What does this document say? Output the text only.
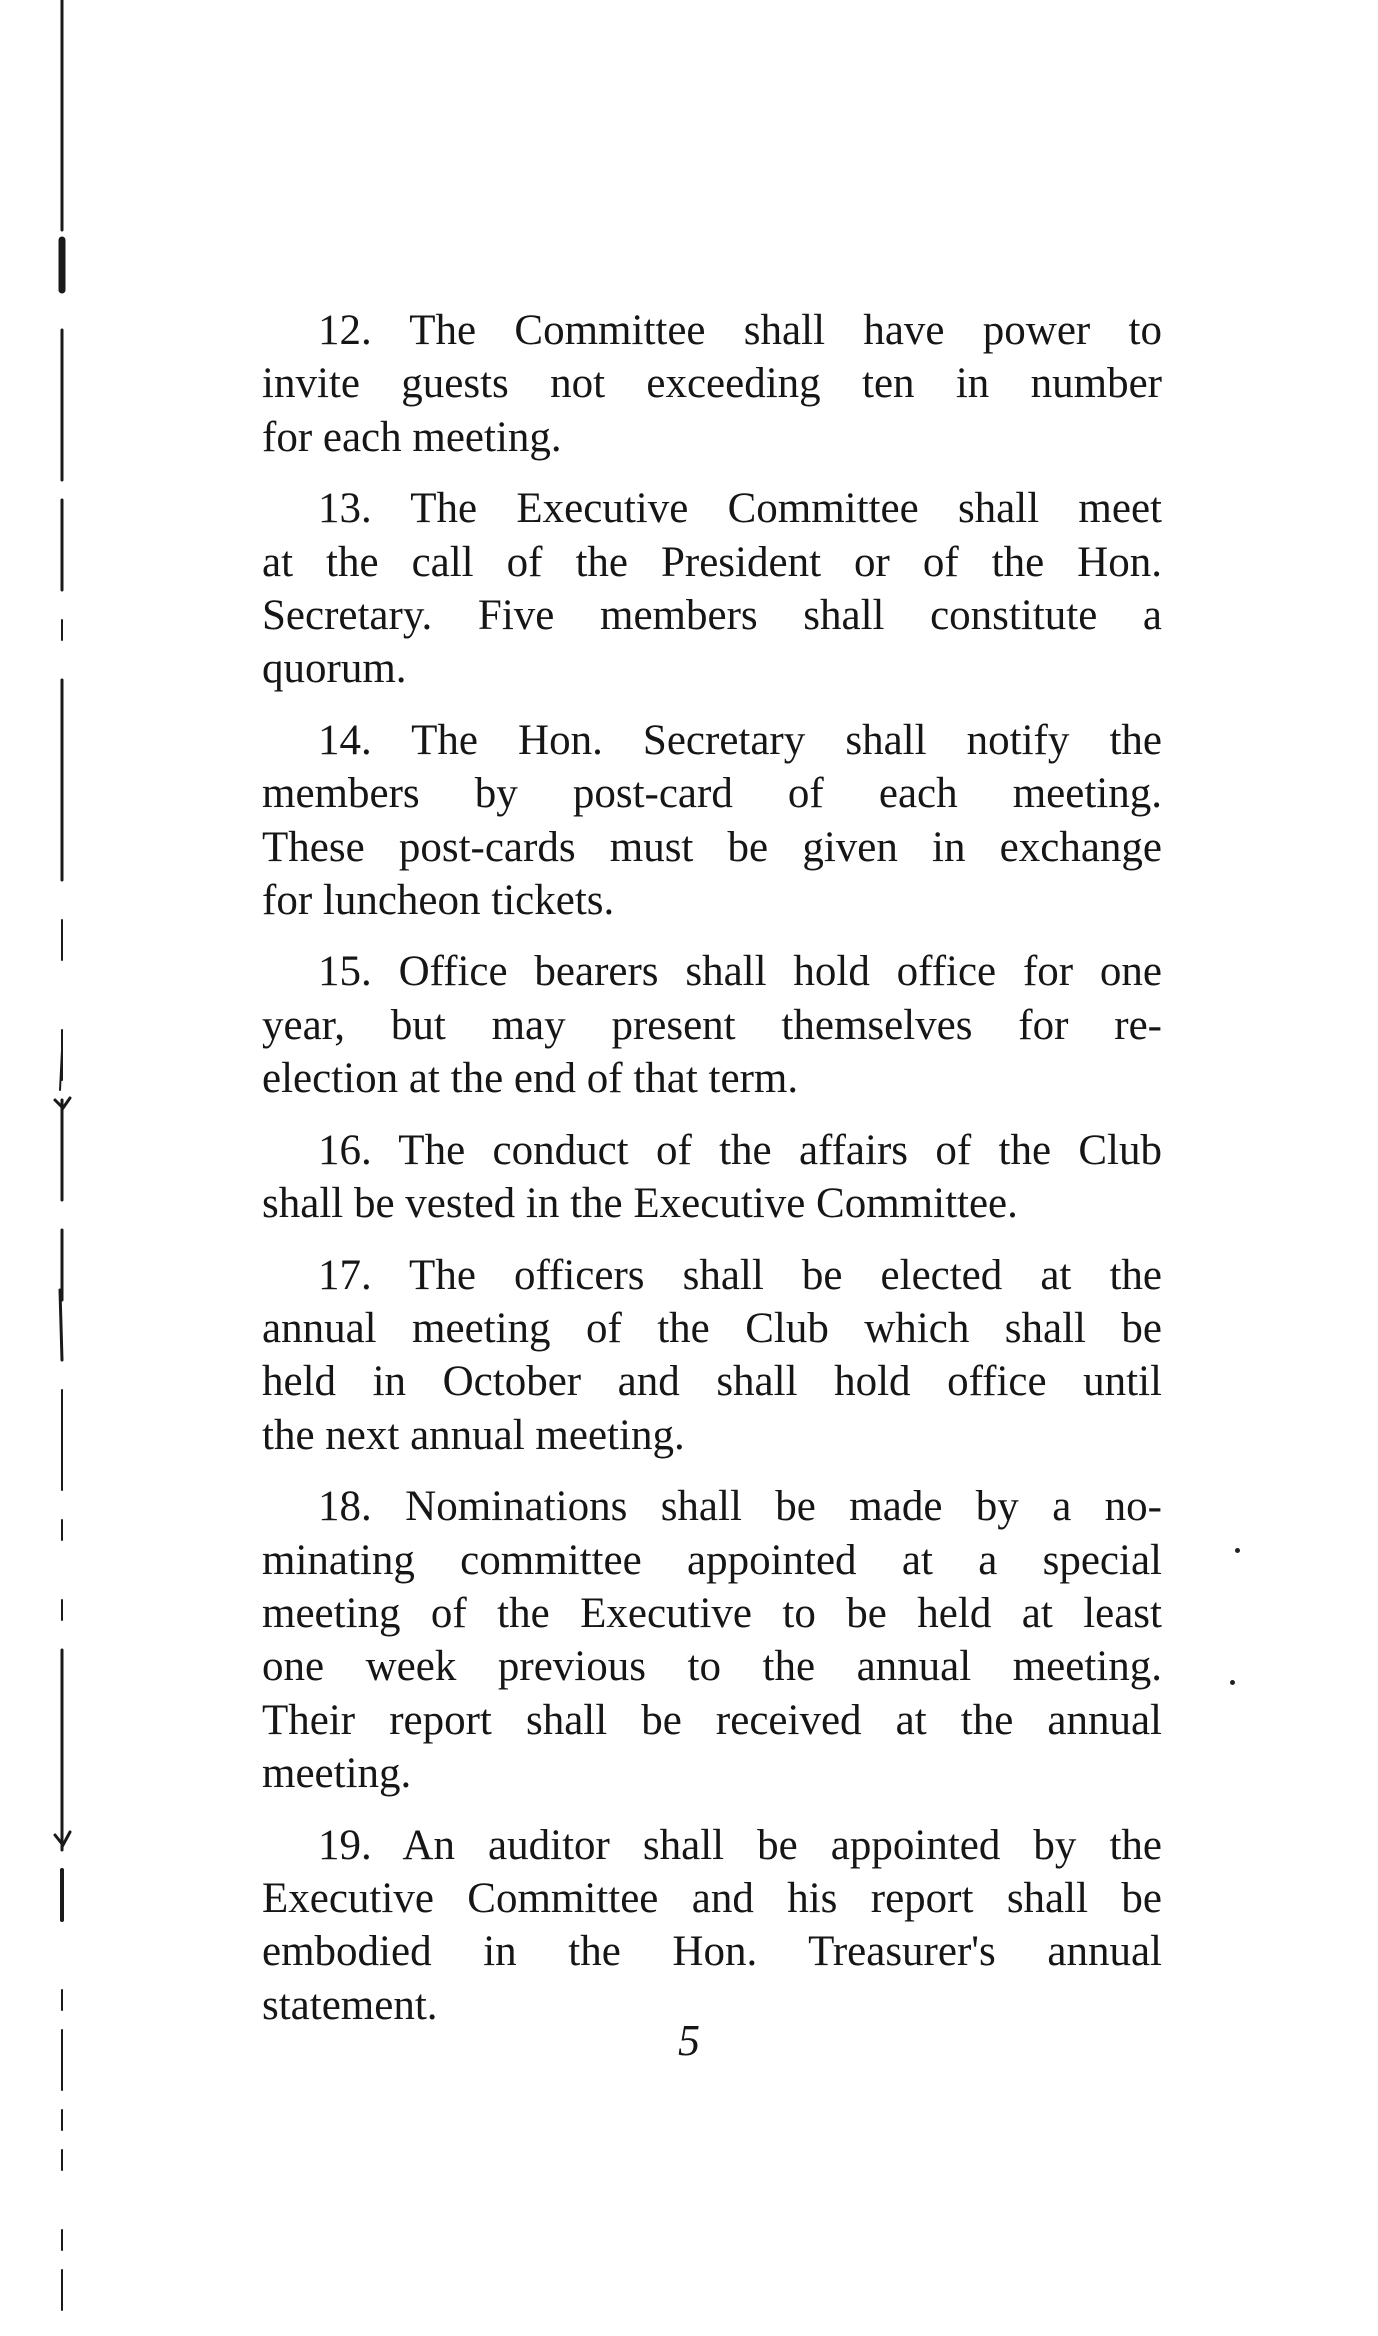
12. The Committee shall have power to
invite guests not exceeding ten in number
for each meeting.
13. The Executive Committee shall meet
at the call of the President or of the Hon.
Secretary. Five members shall constitute a
quorum.
14. The Hon. Secretary shall notify the
members by post-card of each meeting.
These post-cards must be given in exchange
for luncheon tickets.
15. Office bearers shall hold office for one
year, but may present themselves for re-
election at the end of that term.
16. The conduct of the affairs of the Club
shall be vested in the Executive Committee.
17. The officers shall be elected at the
annual meeting of the Club which shall be
held in October and shall hold office until
the next annual meeting.
18. Nominations shall be made by a no-
minating committee appointed at a special
meeting of the Executive to be held at least
one week previous to the annual meeting.
Their report shall be received at the annual
meeting.
19. An auditor shall be appointed by the
Executive Committee and his report shall be
embodied in the Hon. Treasurer's annual
statement.
5
